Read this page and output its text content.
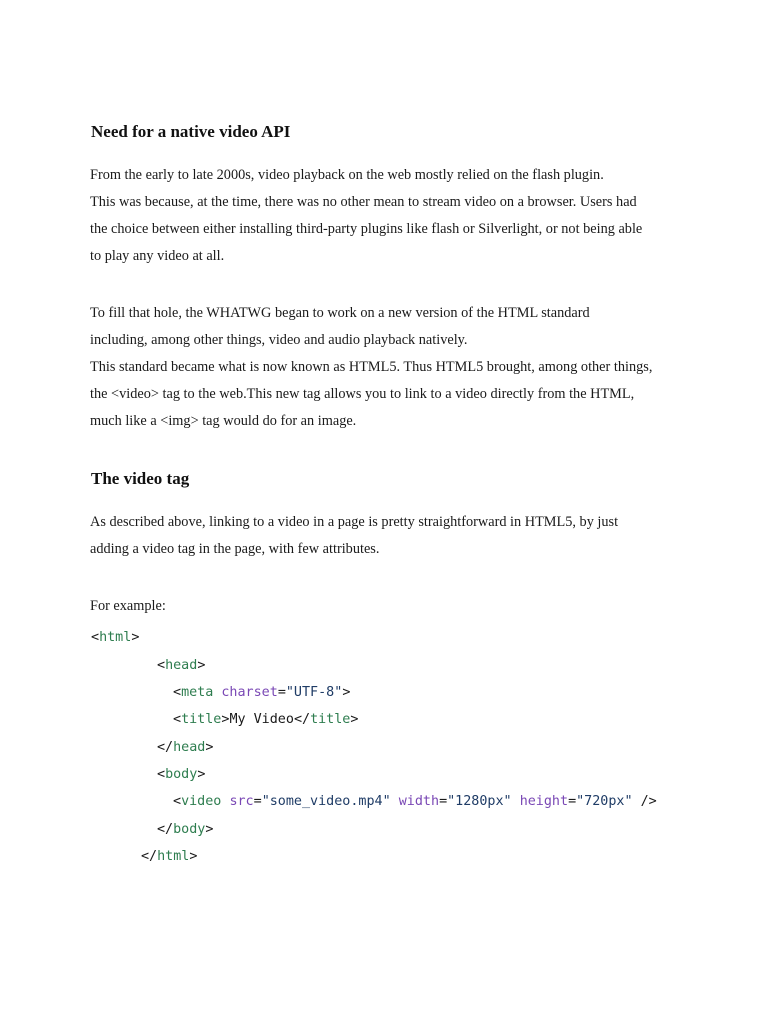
Need for a native video API
From the early to late 2000s, video playback on the web mostly relied on the flash plugin.
This was because, at the time, there was no other mean to stream video on a browser. Users had
the choice between either installing third-party plugins like flash or Silverlight, or not being able
to play any video at all.
To fill that hole, the WHATWG began to work on a new version of the HTML standard
including, among other things, video and audio playback natively.
This standard became what is now known as HTML5. Thus HTML5 brought, among other things,
the <video> tag to the web.This new tag allows you to link to a video directly from the HTML,
much like a <img> tag would do for an image.
The video tag
As described above, linking to a video in a page is pretty straightforward in HTML5, by just
adding a video tag in the page, with few attributes.
For example:
<html>
<head>
<meta charset="UTF-8">
<title>My Video</title>
</head>
<body>
<video src="some_video.mp4" width="1280px" height="720px" />
</body>
</html>
